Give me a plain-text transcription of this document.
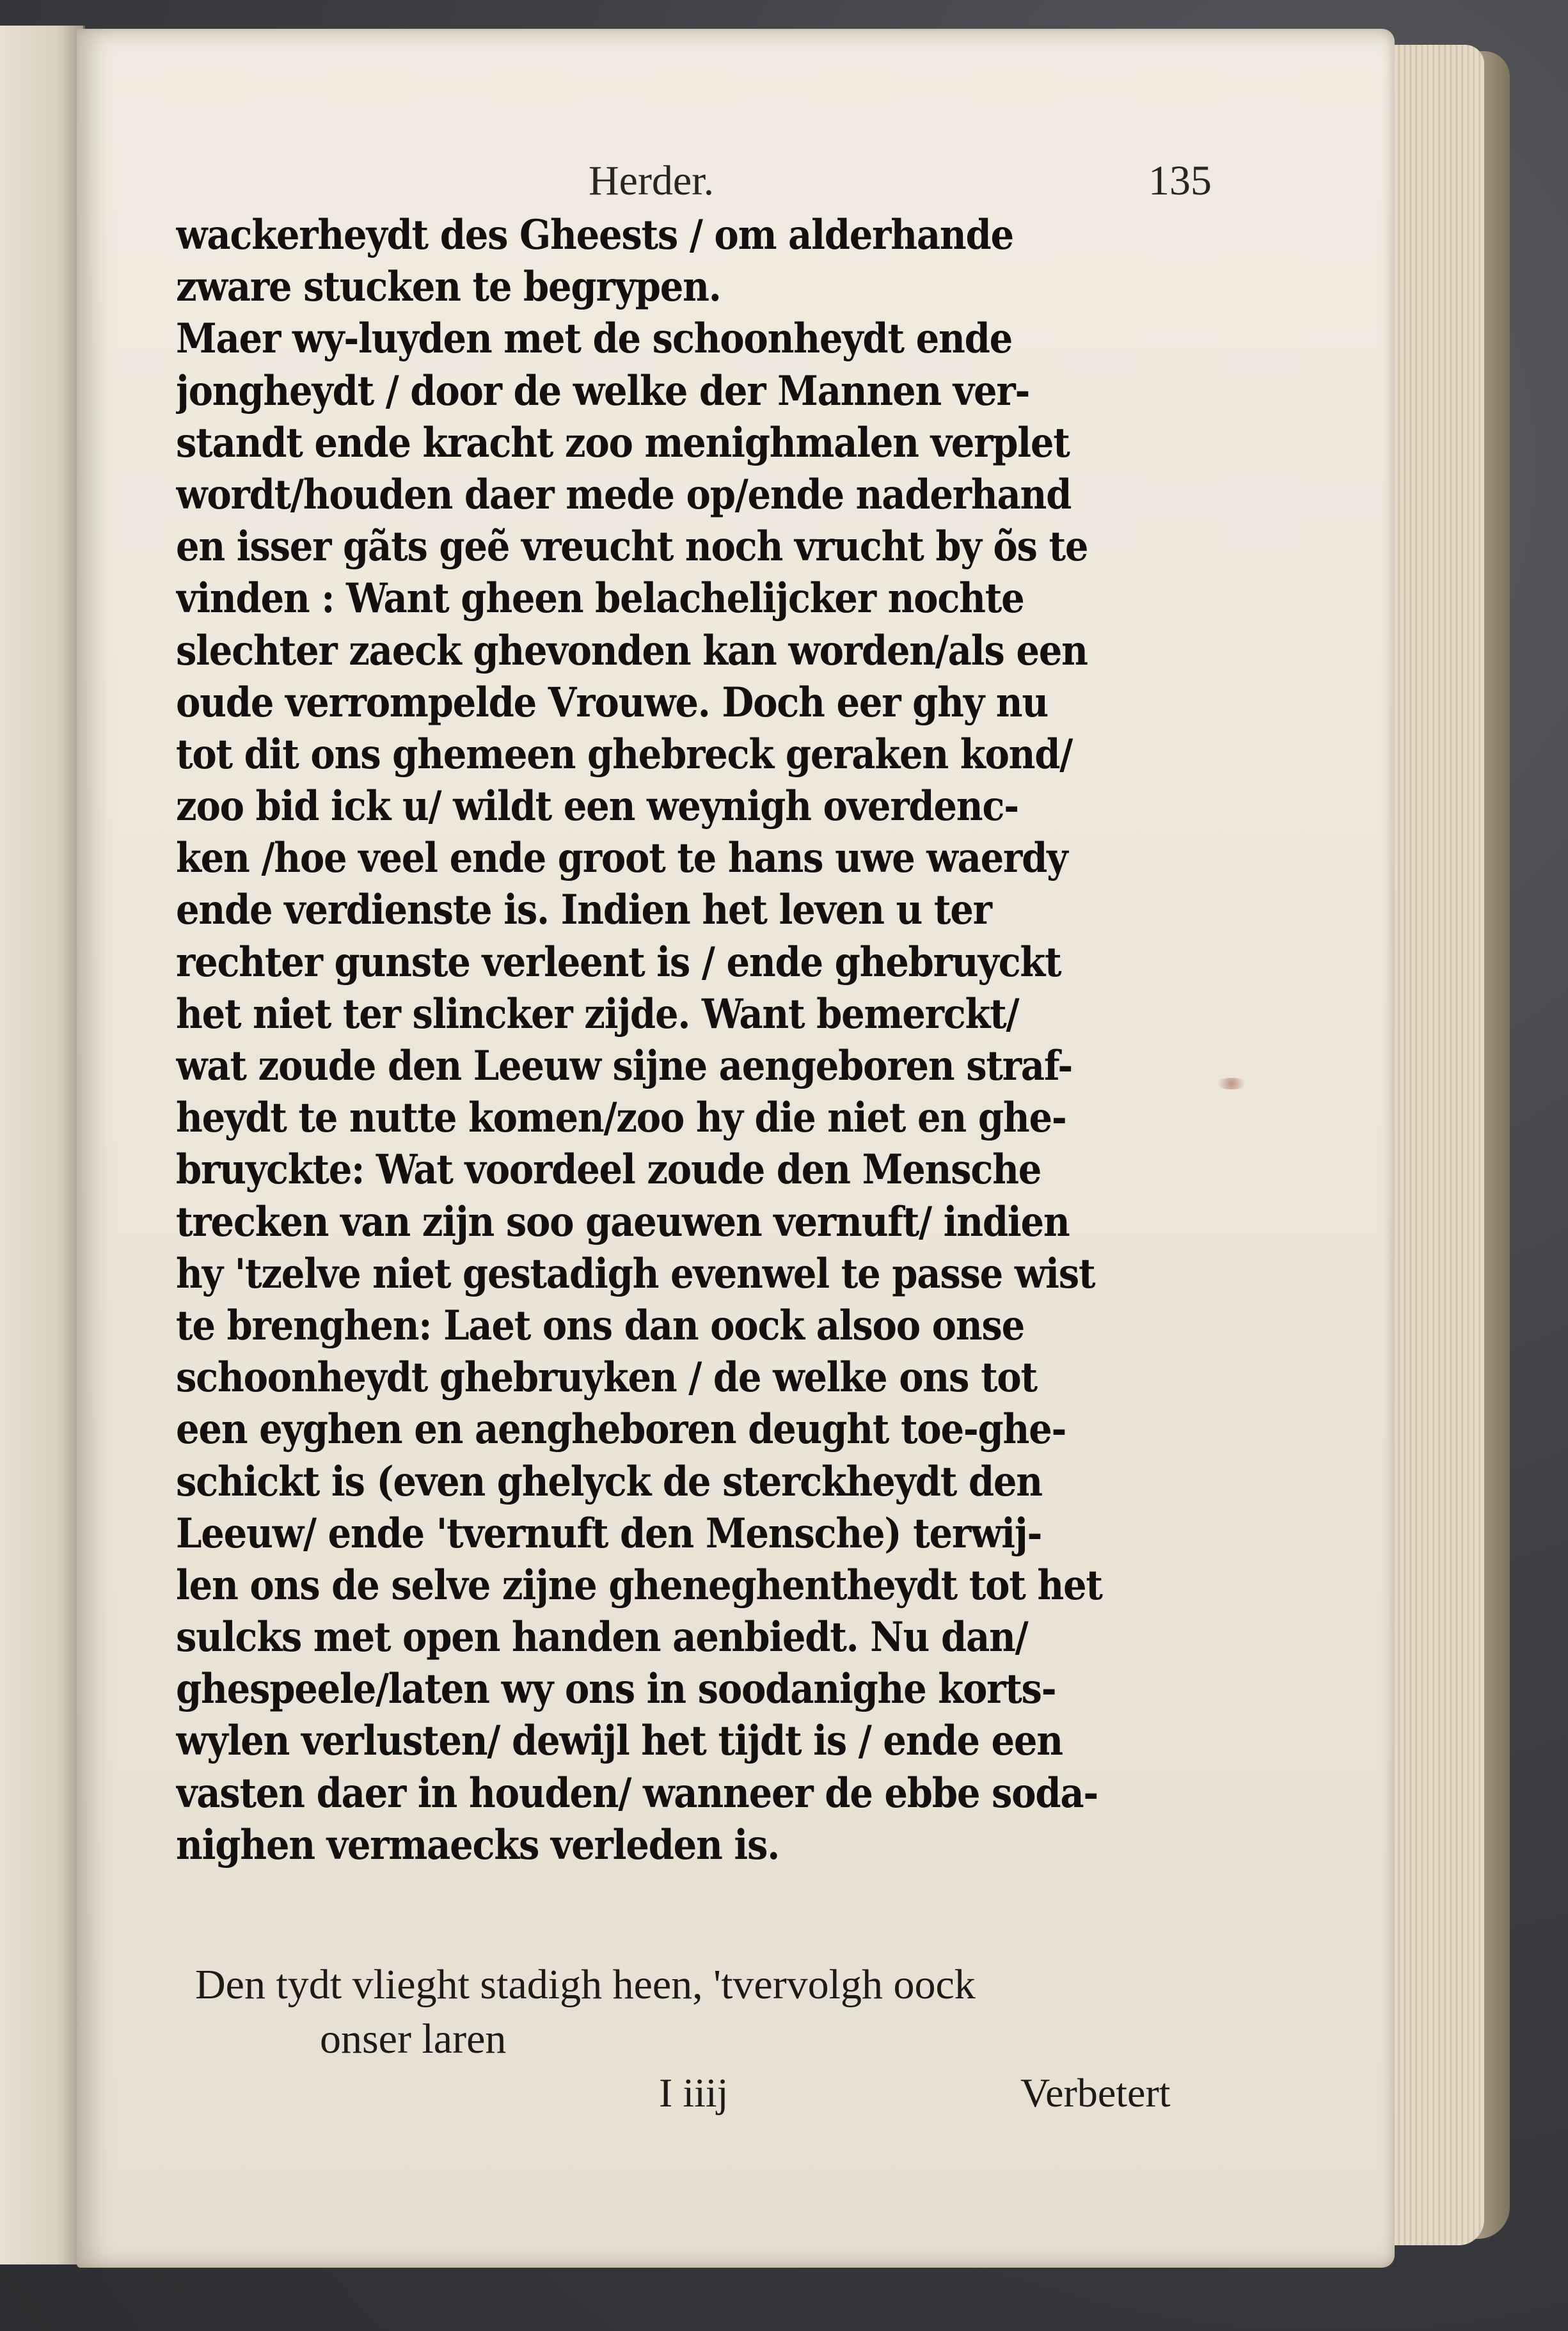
Herder.	135
wackerheydt des Gheests / om alderhande
zware stucken te begrypen.
Maer wy-luyden met de schoonheydt ende
jongheydt / door de welke der Mannen ver-
standt ende kracht zoo menighmalen verplet
wordt/houden daer mede op/ende naderhand
en isser gãts geẽ vreucht noch vrucht by õs te
vinden : Want gheen belachelijcker nochte
slechter zaeck ghevonden kan worden/als een
oude verrompelde Vrouwe. Doch eer ghy nu
tot dit ons ghemeen ghebreck geraken kond/
zoo bid ick u/ wildt een weynigh overdenc-
ken /hoe veel ende groot te hans uwe waerdy
ende verdienste is. Indien het leven u ter
rechter gunste verleent is / ende ghebruyckt
het niet ter slincker zijde. Want bemerckt/
wat zoude den Leeuw sijne aengeboren straf-
heydt te nutte komen/zoo hy die niet en ghe-
bruyckte: Wat voordeel zoude den Mensche
trecken van zijn soo gaeuwen vernuft/ indien
hy 'tzelve niet gestadigh evenwel te passe wist
te brenghen: Laet ons dan oock alsoo onse
schoonheydt ghebruyken / de welke ons tot
een eyghen en aengheboren deught toe-ghe-
schickt is (even ghelyck de sterckheydt den
Leeuw/ ende 'tvernuft den Mensche) terwij-
len ons de selve zijne gheneghentheydt tot het
sulcks met open handen aenbiedt. Nu dan/
ghespeele/laten wy ons in soodanighe korts-
wylen verlusten/ dewijl het tijdt is / ende een
vasten daer in houden/ wanneer de ebbe soda-
nighen vermaecks verleden is.
Den tydt vlieght stadigh heen, 'tvervolgh oock
onser laren
I iiij	Verbetert
